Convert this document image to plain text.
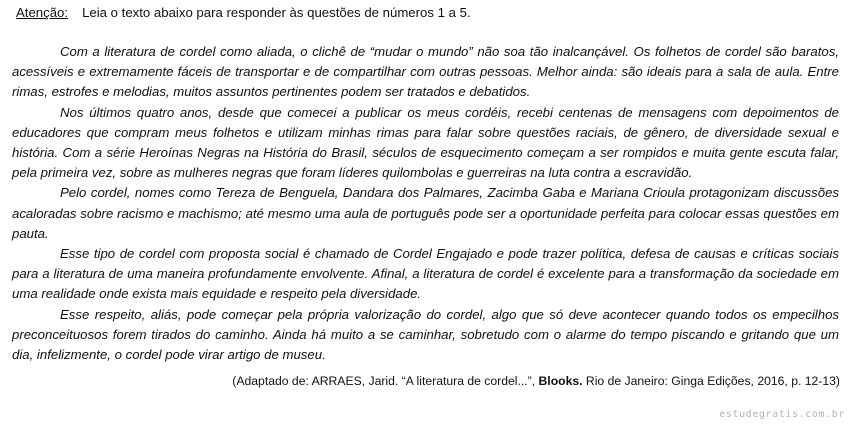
Atenção: Leia o texto abaixo para responder às questões de números 1 a 5.

Com a literatura de cordel como aliada, o clichê de “mudar o mundo” não soa tão inalcançável. Os folhetos de cordel são baratos, acessíveis e extremamente fáceis de transportar e de compartilhar com outras pessoas. Melhor ainda: são ideais para a sala de aula. Entre rimas, estrofes e melodias, muitos assuntos pertinentes podem ser tratados e debatidos.

Nos últimos quatro anos, desde que comecei a publicar os meus cordéis, recebi centenas de mensagens com depoimentos de educadores que compram meus folhetos e utilizam minhas rimas para falar sobre questões raciais, de gênero, de diversidade sexual e história. Com a série Heroínas Negras na História do Brasil, séculos de esquecimento começam a ser rompidos e muita gente escuta falar, pela primeira vez, sobre as mulheres negras que foram líderes quilombolas e guerreiras na luta contra a escravidão.

Pelo cordel, nomes como Tereza de Benguela, Dandara dos Palmares, Zacimba Gaba e Mariana Crioula protagonizam discussões acaloradas sobre racismo e machismo; até mesmo uma aula de português pode ser a oportunidade perfeita para colocar essas questões em pauta.

Esse tipo de cordel com proposta social é chamado de Cordel Engajado e pode trazer política, defesa de causas e críticas sociais para a literatura de uma maneira profundamente envolvente. Afinal, a literatura de cordel é excelente para a transformação da sociedade em uma realidade onde exista mais equidade e respeito pela diversidade.

Esse respeito, aliás, pode começar pela própria valorização do cordel, algo que só deve acontecer quando todos os empecilhos preconceituosos forem tirados do caminho. Ainda há muito a se caminhar, sobretudo com o alarme do tempo piscando e gritando que um dia, infelizmente, o cordel pode virar artigo de museu.

(Adaptado de: ARRAES, Jarid. “A literatura de cordel...”, Blooks. Rio de Janeiro: Ginga Edições, 2016, p. 12-13)
estudegratis.com.br
